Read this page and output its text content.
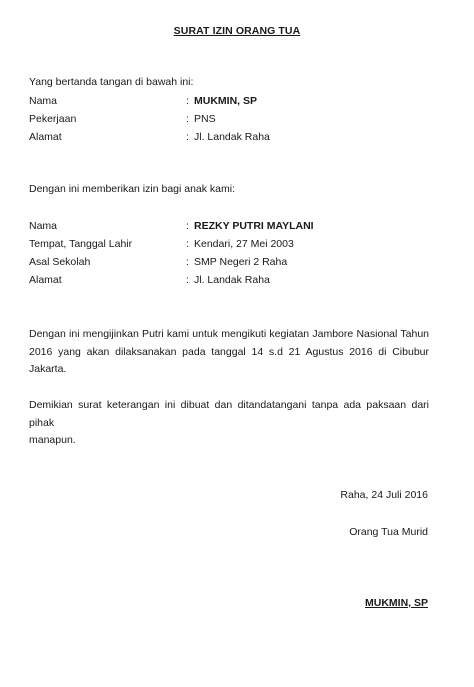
SURAT IZIN ORANG TUA
Yang bertanda tangan di bawah ini:
Nama	: MUKMIN, SP
Pekerjaan	: PNS
Alamat	: Jl. Landak Raha
Dengan ini memberikan izin bagi anak kami:
Nama	: REZKY PUTRI MAYLANI
Tempat, Tanggal Lahir	: Kendari, 27 Mei 2003
Asal Sekolah	: SMP Negeri 2 Raha
Alamat	: Jl. Landak Raha
Dengan ini mengijinkan Putri kami untuk mengikuti kegiatan Jambore Nasional Tahun
2016 yang akan dilaksanakan pada tanggal 14 s.d 21 Agustus 2016 di Cibubur
Jakarta.
Demikian surat keterangan ini dibuat dan ditandatangani tanpa ada paksaan dari pihak
manapun.
Raha, 24 Juli 2016
Orang Tua Murid
MUKMIN, SP
